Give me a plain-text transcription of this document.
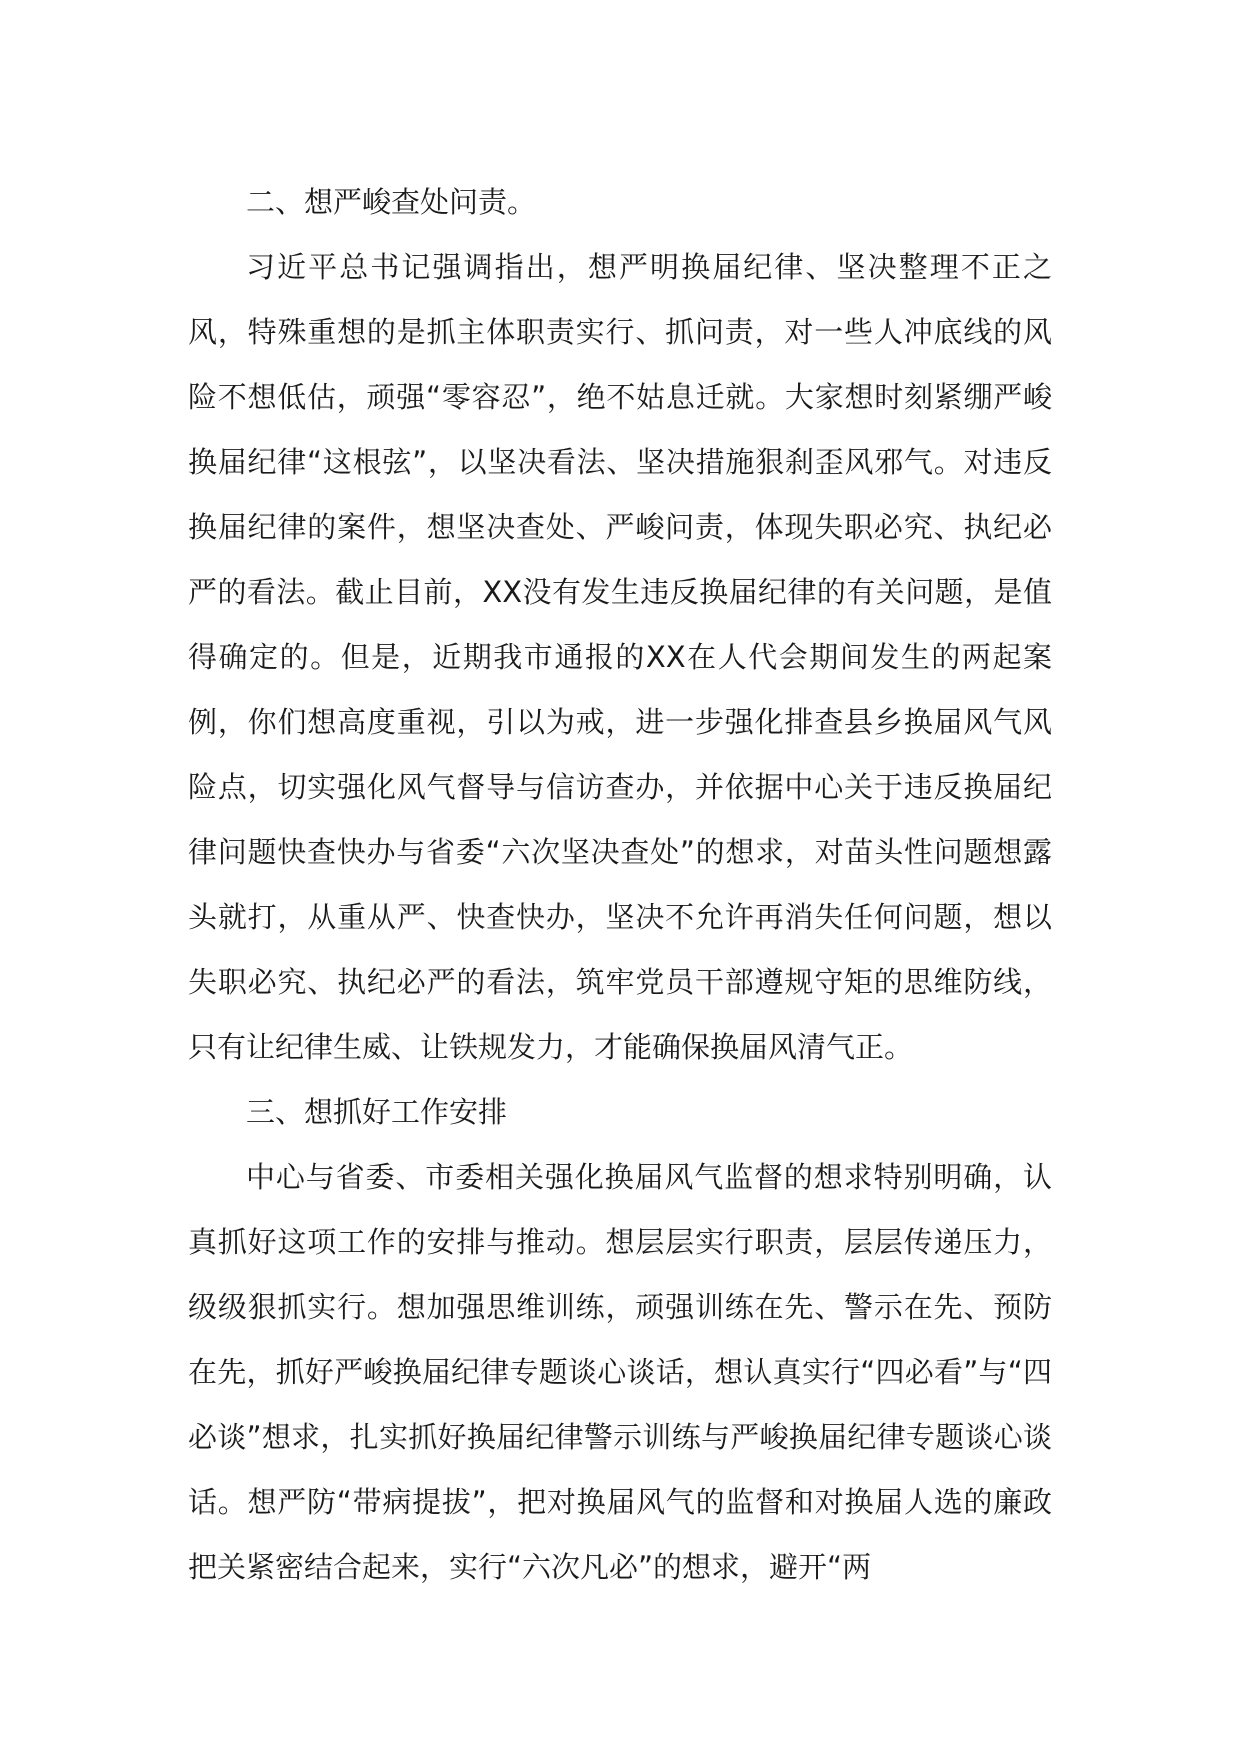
二、想严峻查处问责。

习近平总书记强调指出，想严明换届纪律、坚决整理不正之风，特殊重想的是抓主体职责实行、抓问责，对一些人冲底线的风险不想低估，顽强“零容忍”，绝不姑息迁就。大家想时刻紧绷严峻换届纪律“这根弦”，以坚决看法、坚决措施狠刹歪风邪气。对违反换届纪律的案件，想坚决查处、严峻问责，体现失职必究、执纪必严的看法。截止目前，XX没有发生违反换届纪律的有关问题，是值得确定的。但是，近期我市通报的XX在人代会期间发生的两起案例，你们想高度重视，引以为戒，进一步强化排查县乡换届风气风险点，切实强化风气督导与信访查办，并依据中心关于违反换届纪律问题快查快办与省委“六次坚决查处”的想求，对苗头性问题想露头就打，从重从严、快查快办，坚决不允许再消失任何问题，想以失职必究、执纪必严的看法，筑牢党员干部遵规守矩的思维防线，只有让纪律生威、让铁规发力，才能确保换届风清气正。

三、想抓好工作安排

中心与省委、市委相关强化换届风气监督的想求特别明确，认真抓好这项工作的安排与推动。想层层实行职责，层层传递压力，级级狠抓实行。想加强思维训练，顽强训练在先、警示在先、预防在先，抓好严峻换届纪律专题谈心谈话，想认真实行“四必看”与“四必谈”想求，扎实抓好换届纪律警示训练与严峻换届纪律专题谈心谈话。想严防“带病提拔”，把对换届风气的监督和对换届人选的廉政把关紧密结合起来，实行“六次凡必”的想求，避开“两
